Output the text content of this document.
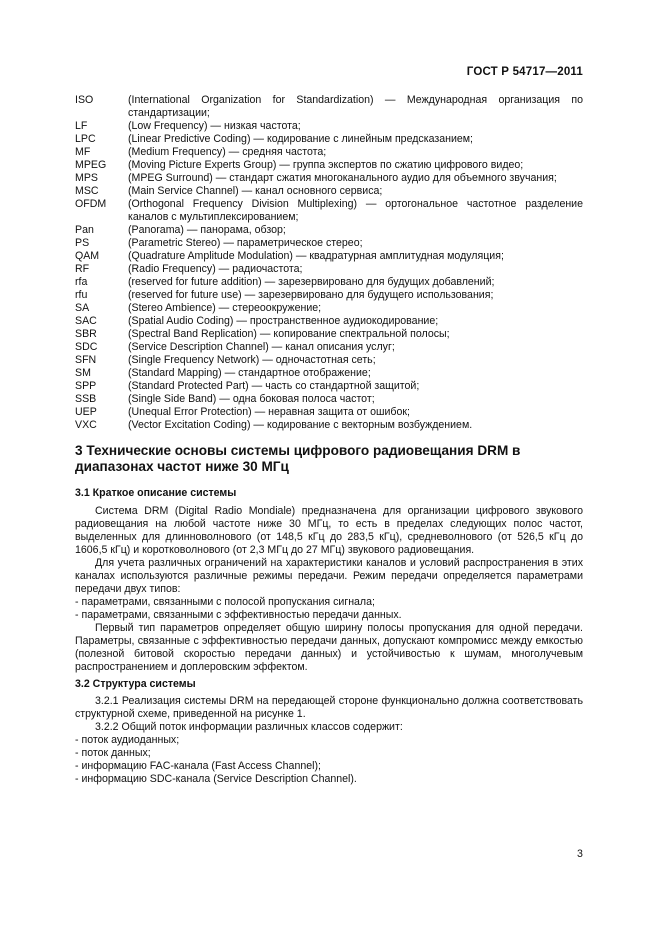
ГОСТ Р 54717—2011
ISO	(International Organization for Standardization) — Международная организация по стандартизации;
LF	(Low Frequency) — низкая частота;
LPC	(Linear Predictive Coding) — кодирование с линейным предсказанием;
MF	(Medium Frequency) — средняя частота;
MPEG	(Moving Picture Experts Group) — группа экспертов по сжатию цифрового видео;
MPS	(MPEG Surround) — стандарт сжатия многоканального аудио для объемного звучания;
MSC	(Main Service Channel) — канал основного сервиса;
OFDM	(Orthogonal Frequency Division Multiplexing) — ортогональное частотное разделение каналов с мультиплексированием;
Pan	(Panorama) — панорама, обзор;
PS	(Parametric Stereo) — параметрическое стерео;
QAM	(Quadrature Amplitude Modulation) — квадратурная амплитудная модуляция;
RF	(Radio Frequency) — радиочастота;
rfa	(reserved for future addition) — зарезервировано для будущих добавлений;
rfu	(reserved for future use) — зарезервировано для будущего использования;
SA	(Stereo Ambience) — стереоокружение;
SAC	(Spatial Audio Coding) — пространственное аудиокодирование;
SBR	(Spectral Band Replication) — копирование спектральной полосы;
SDC	(Service Description Channel) — канал описания услуг;
SFN	(Single Frequency Network) — одночастотная сеть;
SM	(Standard Mapping) — стандартное отображение;
SPP	(Standard Protected Part) — часть со стандартной защитой;
SSB	(Single Side Band) — одна боковая полоса частот;
UEP	(Unequal Error Protection) — неравная защита от ошибок;
VXC	(Vector Excitation Coding) — кодирование с векторным возбуждением.
3 Технические основы системы цифрового радиовещания DRM в диапазонах частот ниже 30 МГц

3.1 Краткое описание системы

Система DRM (Digital Radio Mondiale) предназначена для организации цифрового звукового радиовещания на любой частоте ниже 30 МГц, то есть в пределах следующих полос частот, выделенных для длинноволнового (от 148,5 кГц до 283,5 кГц), средневолнового (от 526,5 кГц до 1606,5 кГц) и коротковолнового (от 2,3 МГц до 27 МГц) звукового радиовещания.

Для учета различных ограничений на характеристики каналов и условий распространения в этих каналах используются различные режимы передачи. Режим передачи определяется параметрами передачи двух типов:

- параметрами, связанными с полосой пропускания сигнала;

- параметрами, связанными с эффективностью передачи данных.

Первый тип параметров определяет общую ширину полосы пропускания для одной передачи. Параметры, связанные с эффективностью передачи данных, допускают компромисс между емкостью (полезной битовой скоростью передачи данных) и устойчивостью к шумам, многолучевым распространением и доплеровским эффектом.

3.2 Структура системы

3.2.1 Реализация системы DRM на передающей стороне функционально должна соответствовать структурной схеме, приведенной на рисунке 1.

3.2.2 Общий поток информации различных классов содержит:

- поток аудиоданных;

- поток данных;

- информацию FAC-канала (Fast Access Channel);

- информацию SDC-канала (Service Description Channel).

3
